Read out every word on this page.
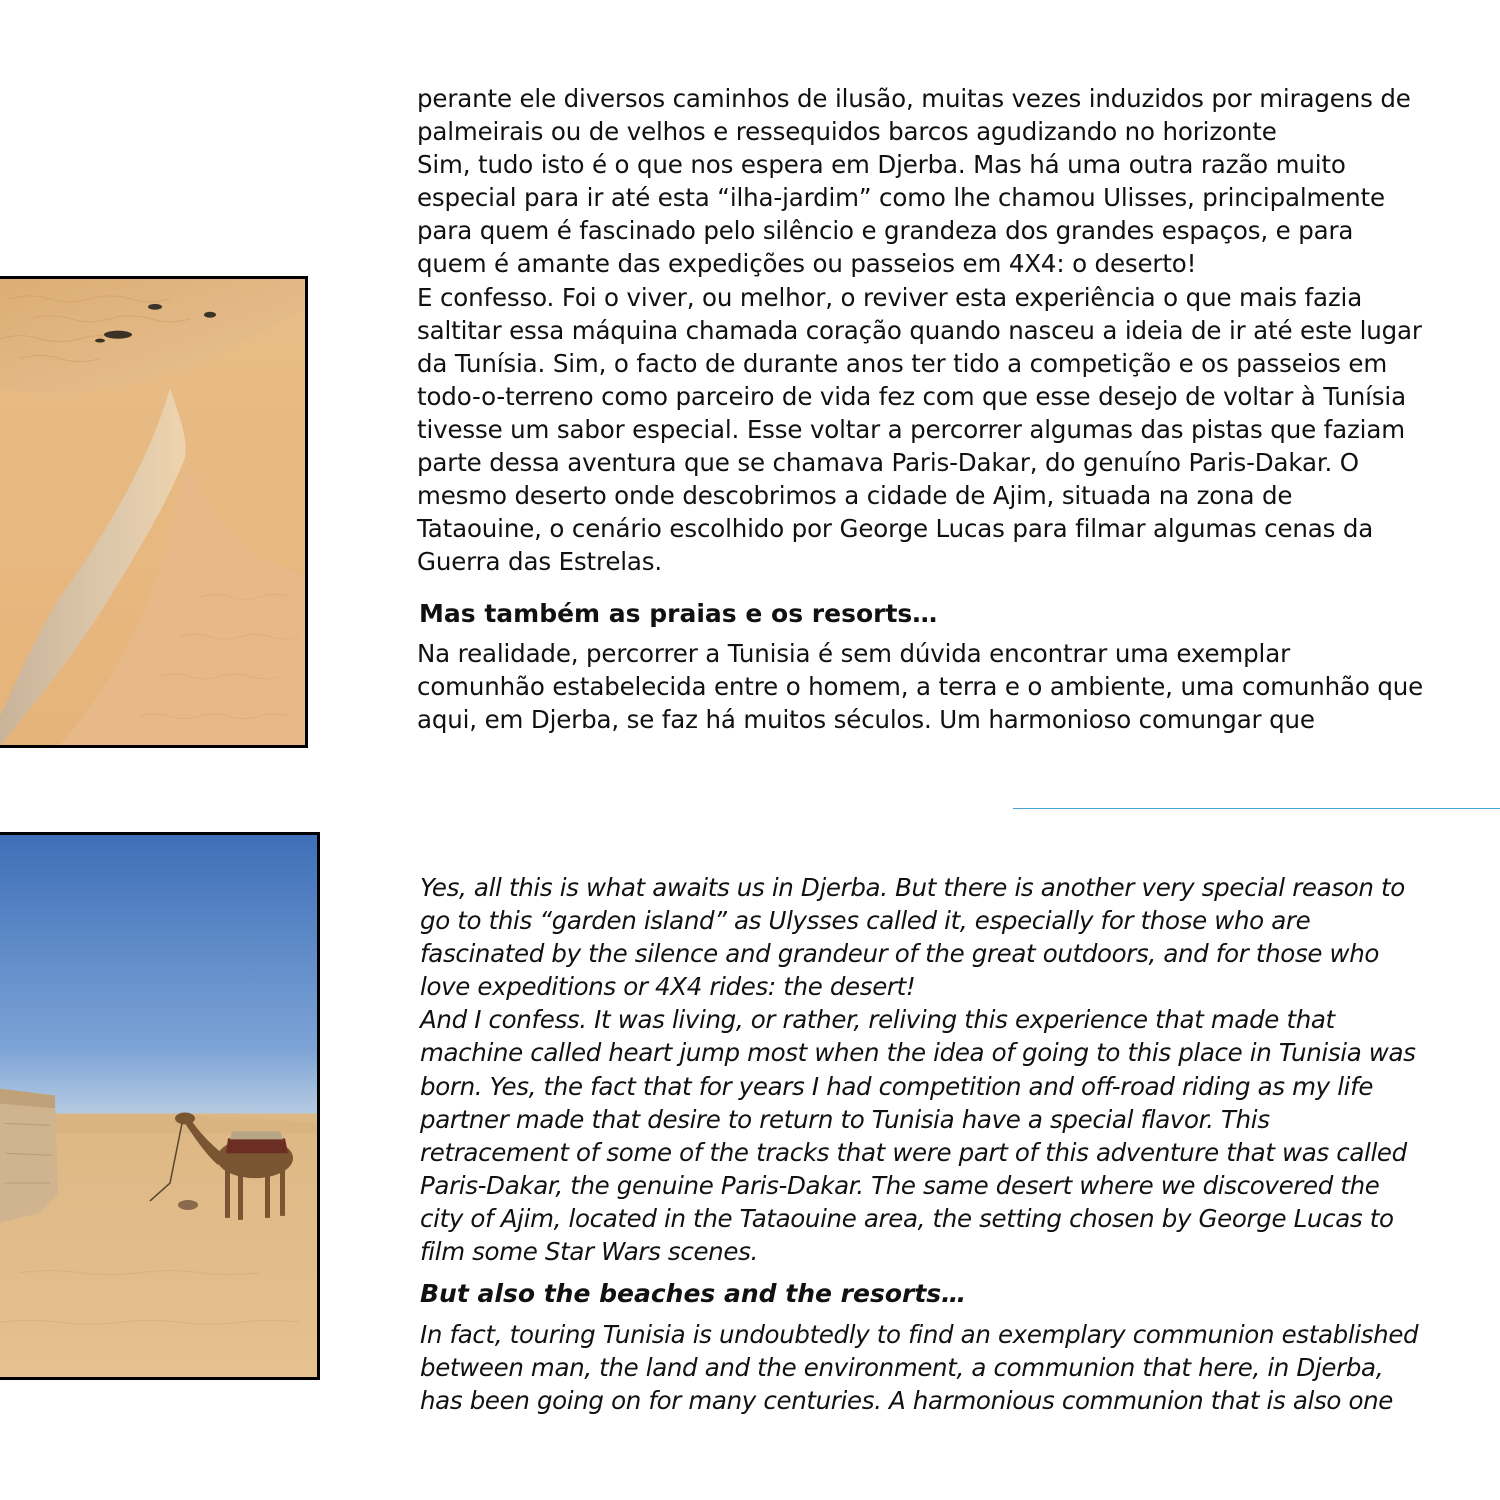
perante ele diversos caminhos de ilusão, muitas vezes induzidos por miragens de
palmeirais ou de velhos e ressequidos barcos agudizando no horizonte
Sim, tudo isto é o que nos espera em Djerba. Mas há uma outra razão muito
especial para ir até esta “ilha-jardim” como lhe chamou Ulisses, principalmente
para quem é fascinado pelo silêncio e grandeza dos grandes espaços, e para
quem é amante das expedições ou passeios em 4X4: o deserto!
E confesso. Foi o viver, ou melhor, o reviver esta experiência o que mais fazia
saltitar essa máquina chamada coração quando nasceu a ideia de ir até este lugar
da Tunísia. Sim, o facto de durante anos ter tido a competição e os passeios em
todo-o-terreno como parceiro de vida fez com que esse desejo de voltar à Tunísia
tivesse um sabor especial. Esse voltar a percorrer algumas das pistas que faziam
parte dessa aventura que se chamava Paris-Dakar, do genuíno Paris-Dakar. O
mesmo deserto onde descobrimos a cidade de Ajim, situada na zona de
Tataouine, o cenário escolhido por George Lucas para filmar algumas cenas da
Guerra das Estrelas.

Mas também as praias e os resorts…

Na realidade, percorrer a Tunisia é sem dúvida encontrar uma exemplar
comunhão estabelecida entre o homem, a terra e o ambiente, uma comunhão que
aqui, em Djerba, se faz há muitos séculos. Um harmonioso comungar que

Yes, all this is what awaits us in Djerba. But there is another very special reason to
go to this “garden island” as Ulysses called it, especially for those who are
fascinated by the silence and grandeur of the great outdoors, and for those who
love expeditions or 4X4 rides: the desert!
And I confess. It was living, or rather, reliving this experience that made that
machine called heart jump most when the idea of going to this place in Tunisia was
born. Yes, the fact that for years I had competition and off-road riding as my life
partner made that desire to return to Tunisia have a special flavor. This
retracement of some of the tracks that were part of this adventure that was called
Paris-Dakar, the genuine Paris-Dakar. The same desert where we discovered the
city of Ajim, located in the Tataouine area, the setting chosen by George Lucas to
film some Star Wars scenes.

But also the beaches and the resorts…

In fact, touring Tunisia is undoubtedly to find an exemplary communion established
between man, the land and the environment, a communion that here, in Djerba,
has been going on for many centuries. A harmonious communion that is also one
